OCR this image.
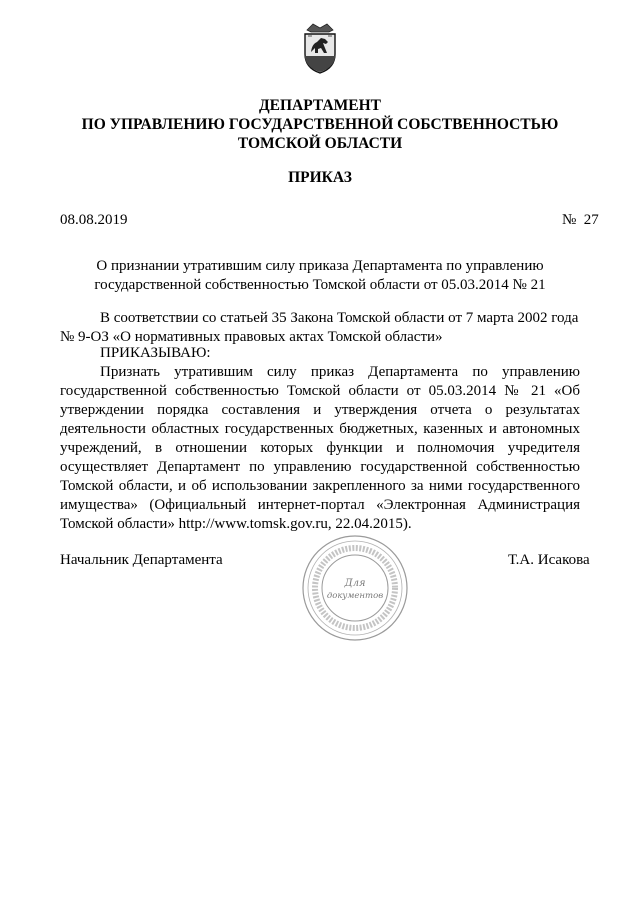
ДЕПАРТАМЕНТ
ПО УПРАВЛЕНИЮ ГОСУДАРСТВЕННОЙ СОБСТВЕННОСТЬЮ
ТОМСКОЙ ОБЛАСТИ
ПРИКАЗ
08.08.2019	№  27
О признании утратившим силу приказа Департамента по управлению
государственной собственностью Томской области от 05.03.2014 № 21
В соответствии со статьей 35 Закона Томской области от 7 марта 2002 года   № 9-ОЗ «О нормативных правовых актах Томской области»
ПРИКАЗЫВАЮ:
Признать утратившим силу приказ Департамента по управлению государственной собственностью Томской области от 05.03.2014 № 21 «Об утверждении порядка составления и утверждения отчета о результатах деятельности областных государственных бюджетных, казенных и автономных учреждений, в отношении которых функции и полномочия учредителя осуществляет Департамент по управлению государственной собственностью Томской области, и об использовании закрепленного за ними государственного имущества» (Официальный интернет-портал «Электронная Администрация Томской области» http://www.tomsk.gov.ru, 22.04.2015).
Начальник Департамента	Т.А. Исакова
Для
документов
